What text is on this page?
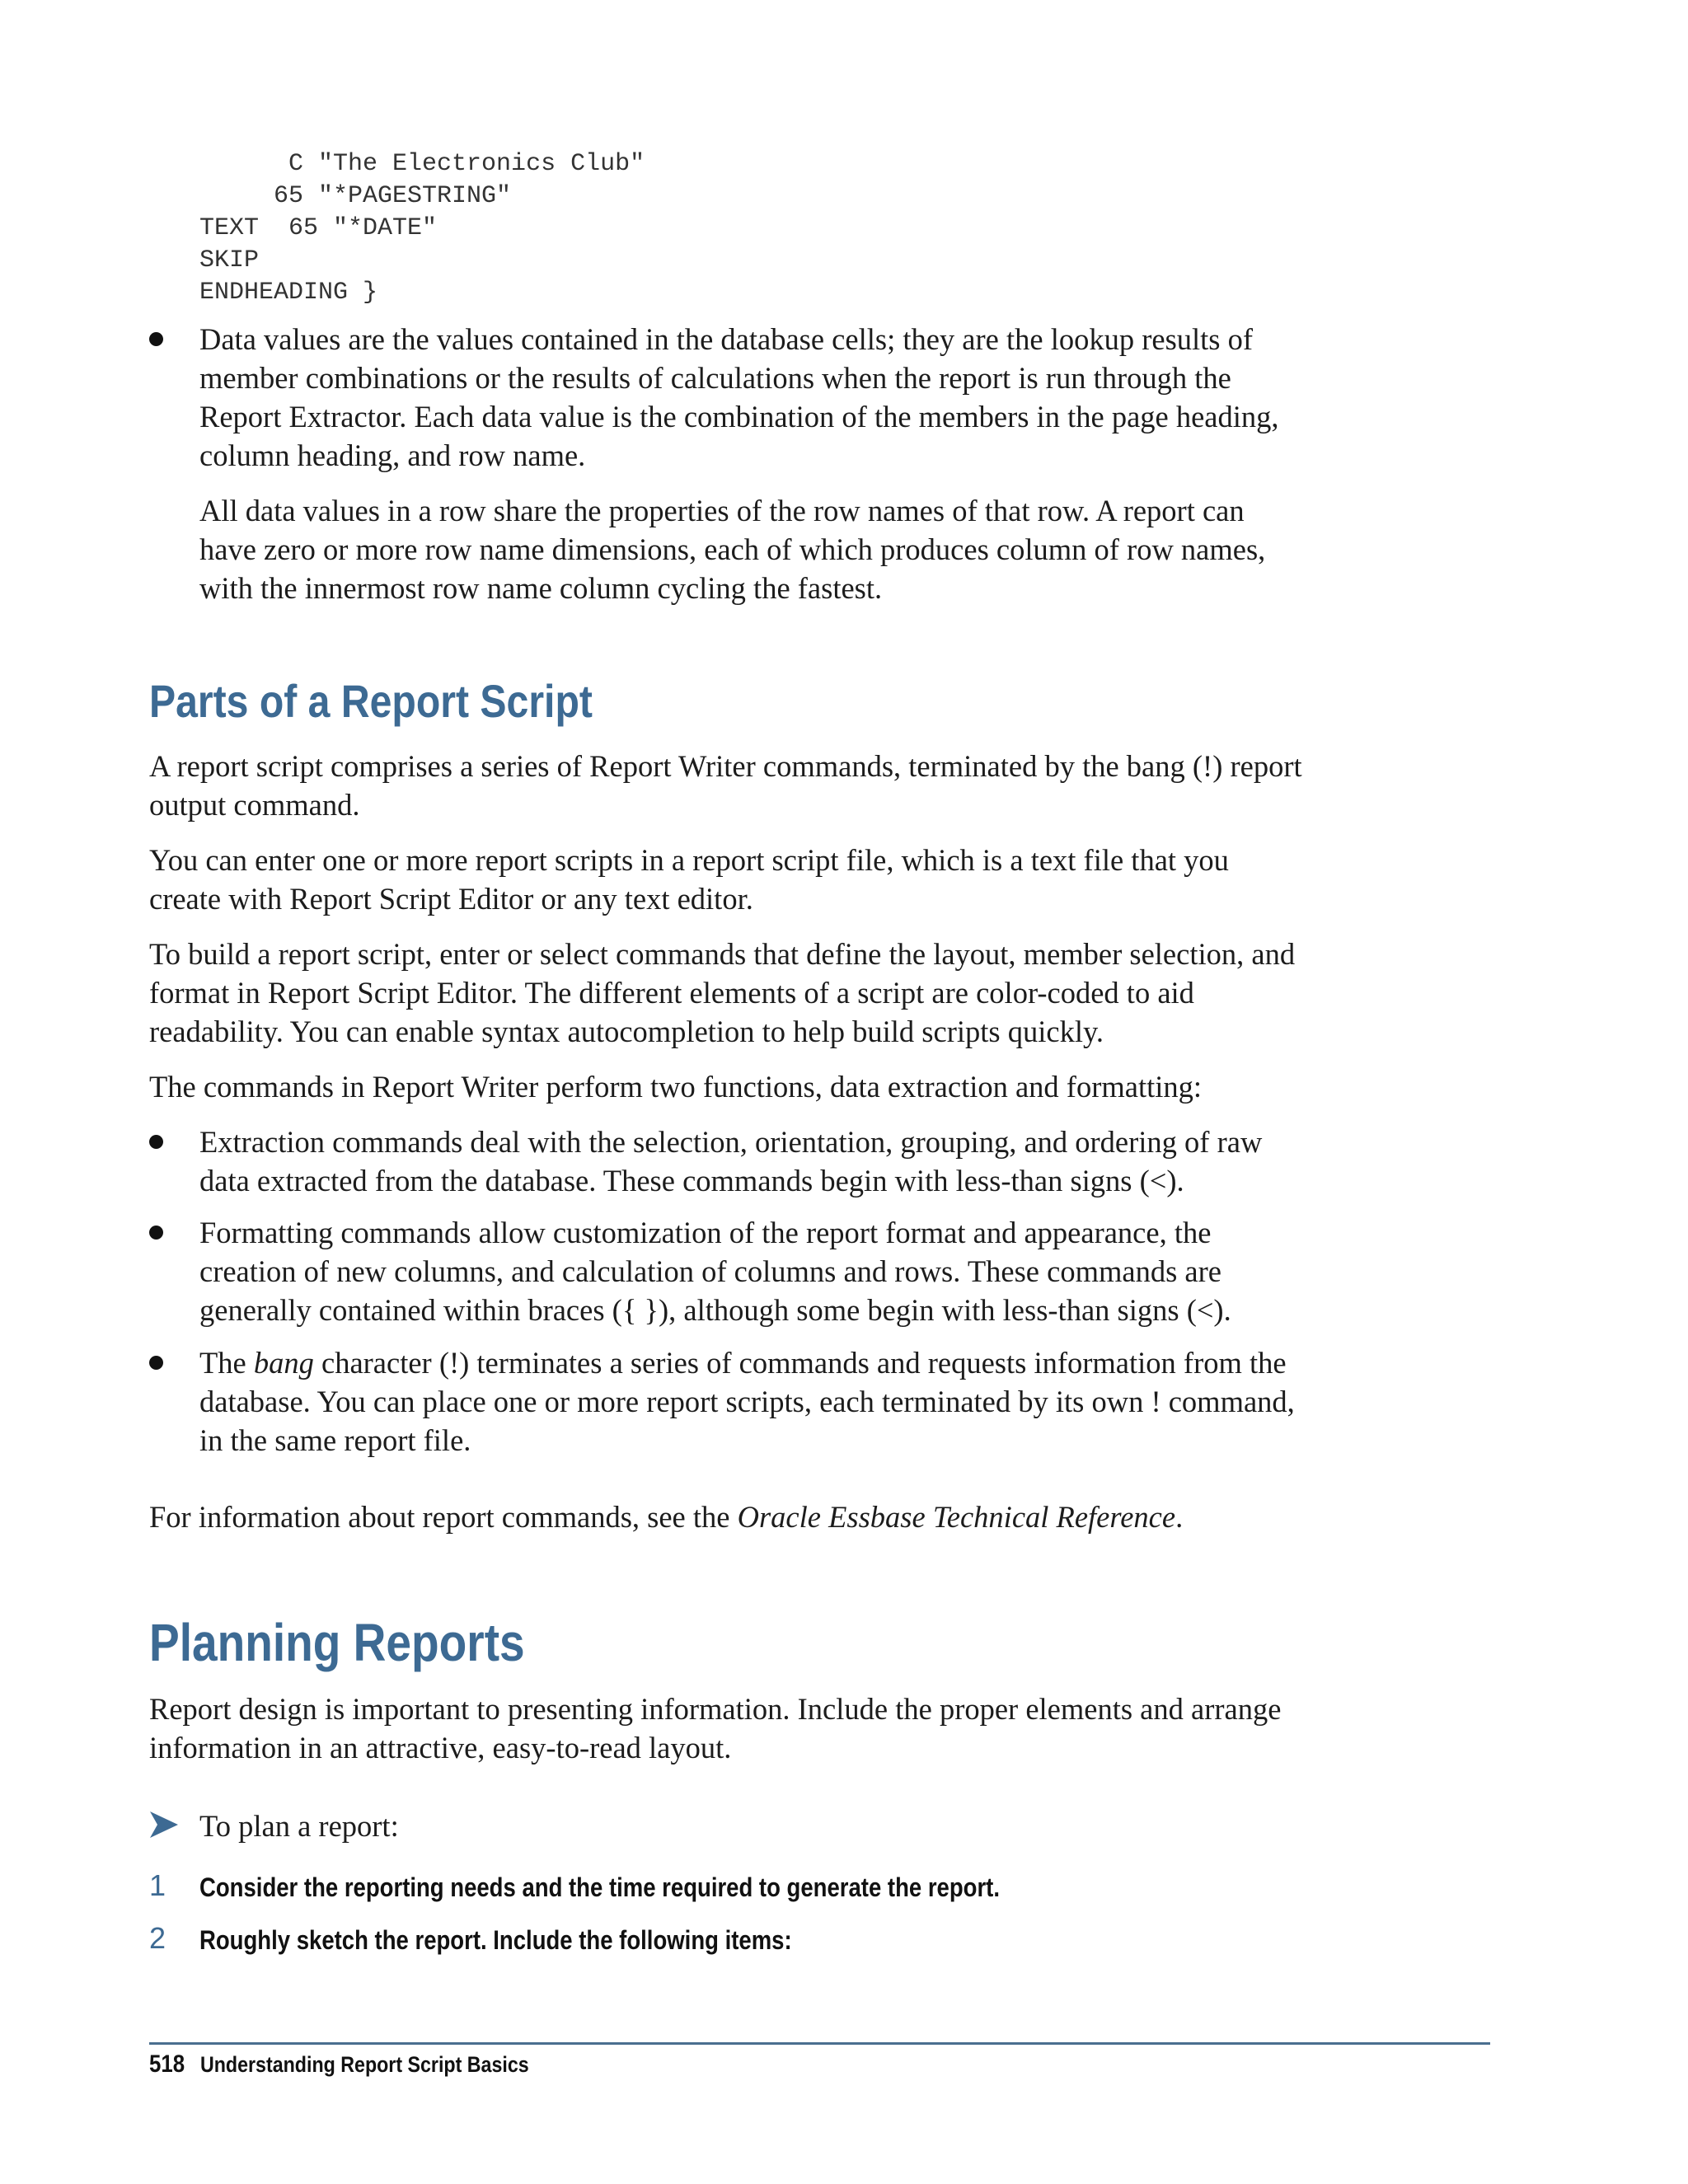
C "The Electronics Club"
65 "*PAGESTRING"
TEXT  65 "*DATE"
SKIP
ENDHEADING }

Data values are the values contained in the database cells; they are the lookup results of member combinations or the results of calculations when the report is run through the Report Extractor. Each data value is the combination of the members in the page heading, column heading, and row name.

All data values in a row share the properties of the row names of that row. A report can have zero or more row name dimensions, each of which produces column of row names, with the innermost row name column cycling the fastest.

Parts of a Report Script

A report script comprises a series of Report Writer commands, terminated by the bang (!) report output command.

You can enter one or more report scripts in a report script file, which is a text file that you create with Report Script Editor or any text editor.

To build a report script, enter or select commands that define the layout, member selection, and format in Report Script Editor. The different elements of a script are color-coded to aid readability. You can enable syntax autocompletion to help build scripts quickly.

The commands in Report Writer perform two functions, data extraction and formatting:

Extraction commands deal with the selection, orientation, grouping, and ordering of raw data extracted from the database. These commands begin with less-than signs (<).

Formatting commands allow customization of the report format and appearance, the creation of new columns, and calculation of columns and rows. These commands are generally contained within braces ({ }), although some begin with less-than signs (<).

The bang character (!) terminates a series of commands and requests information from the database. You can place one or more report scripts, each terminated by its own ! command, in the same report file.

For information about report commands, see the Oracle Essbase Technical Reference.

Planning Reports

Report design is important to presenting information. Include the proper elements and arrange information in an attractive, easy-to-read layout.

To plan a report:

1 Consider the reporting needs and the time required to generate the report.
2 Roughly sketch the report. Include the following items:
518 Understanding Report Script Basics
